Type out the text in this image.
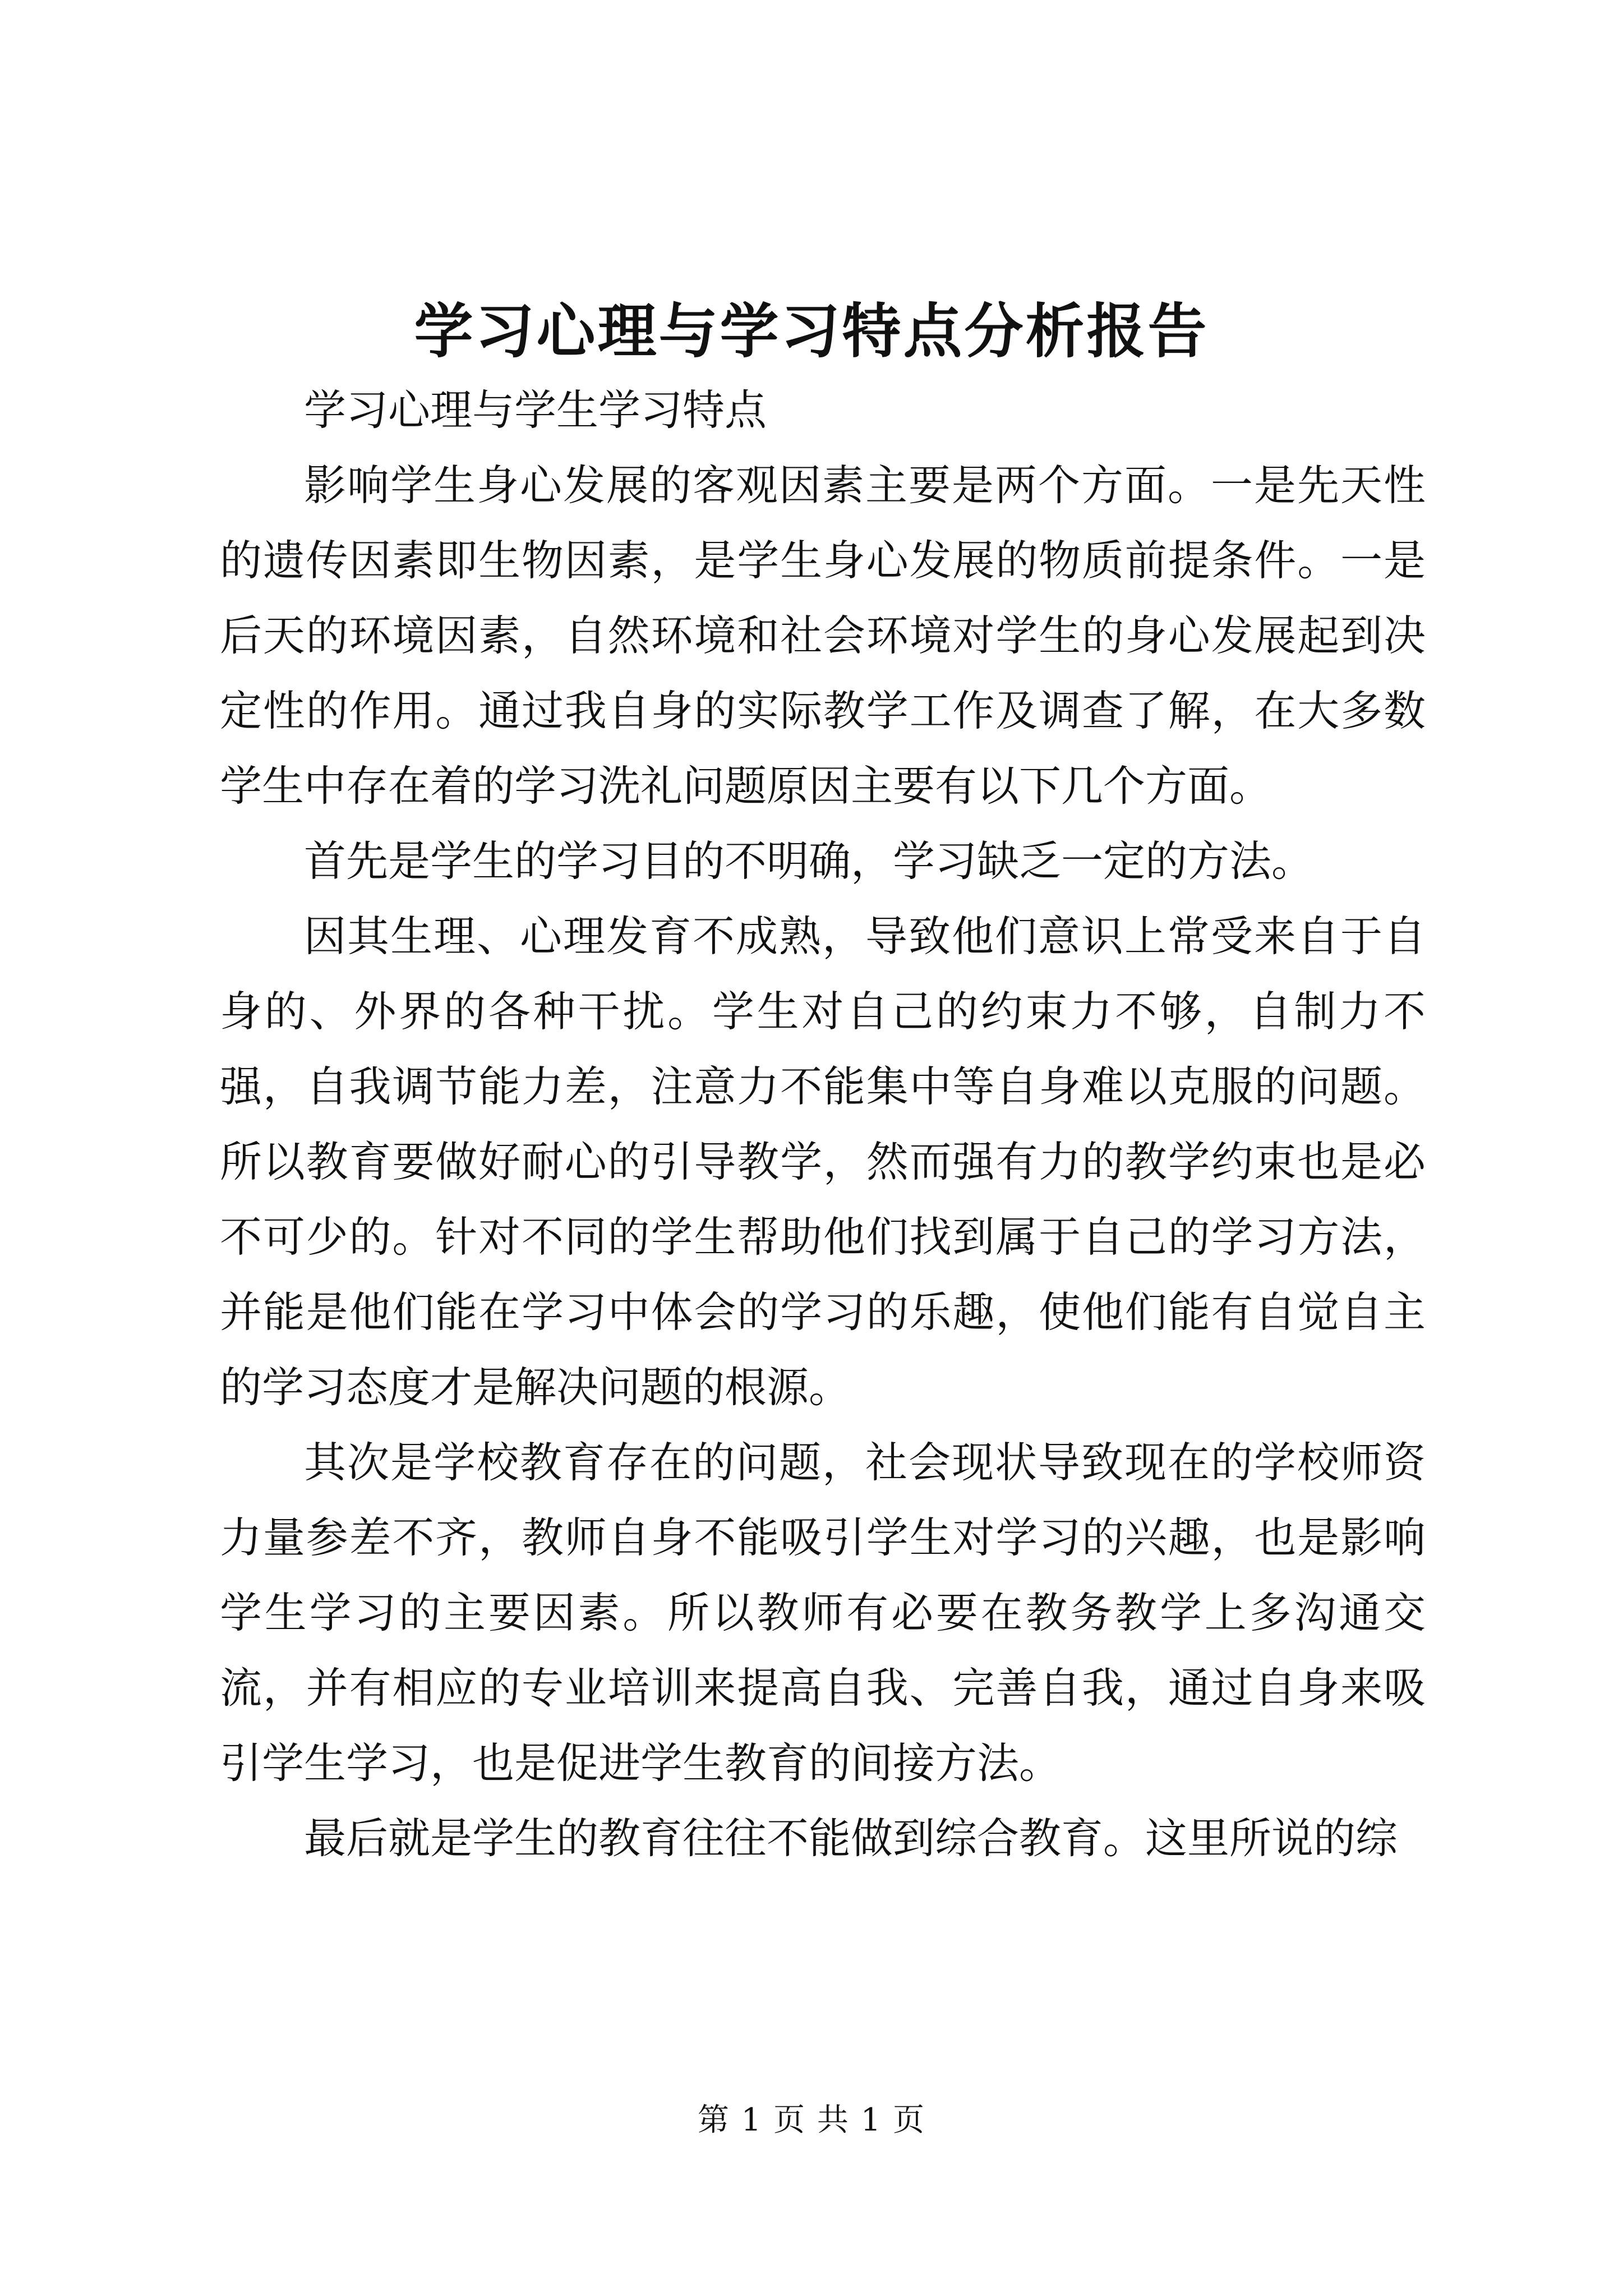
学习心理与学习特点分析报告

学习心理与学生学习特点

影响学生身心发展的客观因素主要是两个方面。一是先天性的遗传因素即生物因素，是学生身心发展的物质前提条件。一是后天的环境因素，自然环境和社会环境对学生的身心发展起到决定性的作用。通过我自身的实际教学工作及调查了解，在大多数学生中存在着的学习洗礼问题原因主要有以下几个方面。

首先是学生的学习目的不明确，学习缺乏一定的方法。

因其生理、心理发育不成熟，导致他们意识上常受来自于自身的、外界的各种干扰。学生对自己的约束力不够，自制力不强，自我调节能力差，注意力不能集中等自身难以克服的问题。所以教育要做好耐心的引导教学，然而强有力的教学约束也是必不可少的。针对不同的学生帮助他们找到属于自己的学习方法，并能是他们能在学习中体会的学习的乐趣，使他们能有自觉自主的学习态度才是解决问题的根源。

其次是学校教育存在的问题，社会现状导致现在的学校师资力量参差不齐，教师自身不能吸引学生对学习的兴趣，也是影响学生学习的主要因素。所以教师有必要在教务教学上多沟通交流，并有相应的专业培训来提高自我、完善自我，通过自身来吸引学生学习，也是促进学生教育的间接方法。

最后就是学生的教育往往不能做到综合教育。这里所说的综

第 1 页 共 1 页
